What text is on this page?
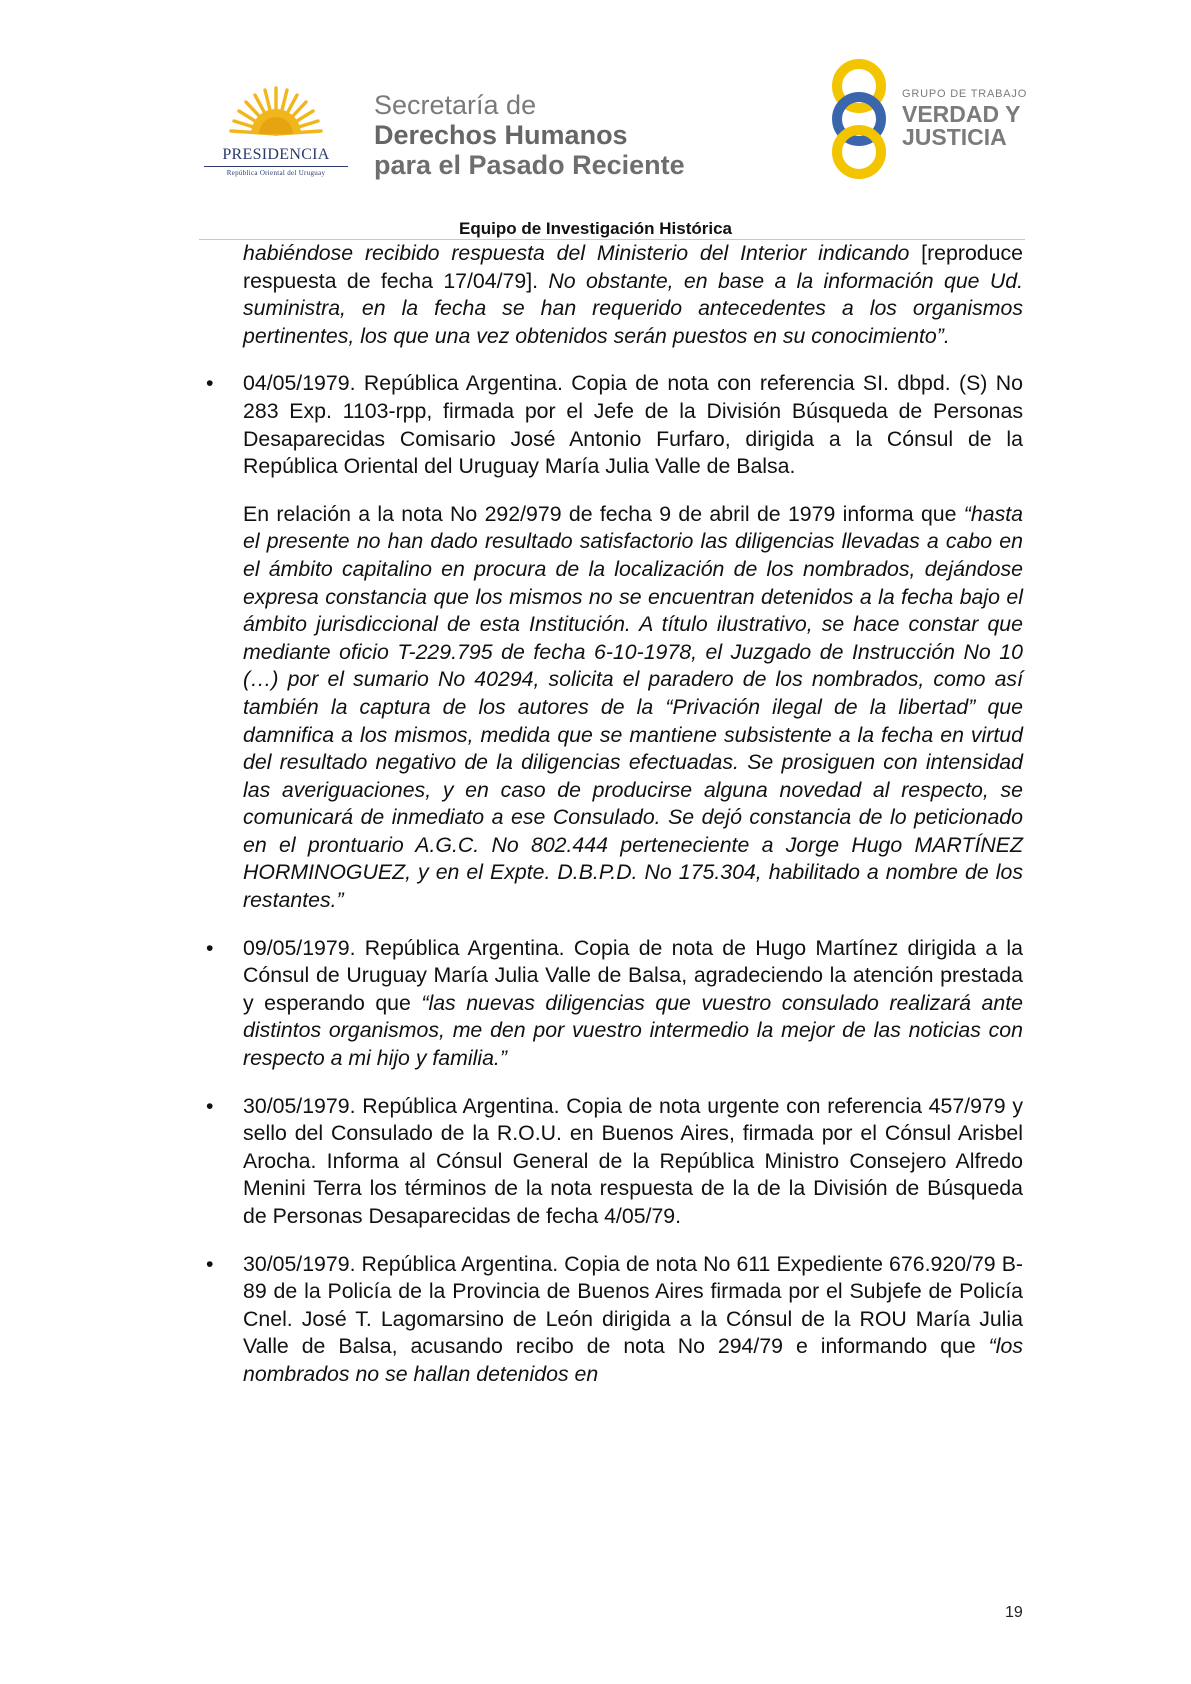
PRESIDENCIA
República Oriental del Uruguay
Secretaría de
Derechos Humanos
para el Pasado Reciente
GRUPO DE TRABAJO
VERDAD Y
JUSTICIA
Equipo de Investigación Histórica

habiéndose recibido respuesta del Ministerio del Interior indicando [reproduce respuesta de fecha 17/04/79]. No obstante, en base a la información que Ud. suministra, en la fecha se han requerido antecedentes a los organismos pertinentes, los que una vez obtenidos serán puestos en su conocimiento”.

• 04/05/1979. República Argentina. Copia de nota con referencia SI. dbpd. (S) No 283 Exp. 1103-rpp, firmada por el Jefe de la División Búsqueda de Personas Desaparecidas Comisario José Antonio Furfaro, dirigida a la Cónsul de la República Oriental del Uruguay María Julia Valle de Balsa.

En relación a la nota No 292/979 de fecha 9 de abril de 1979 informa que “hasta el presente no han dado resultado satisfactorio las diligencias llevadas a cabo en el ámbito capitalino en procura de la localización de los nombrados, dejándose expresa constancia que los mismos no se encuentran detenidos a la fecha bajo el ámbito jurisdiccional de esta Institución. A título ilustrativo, se hace constar que mediante oficio T-229.795 de fecha 6-10-1978, el Juzgado de Instrucción No 10 (…) por el sumario No 40294, solicita el paradero de los nombrados, como así también la captura de los autores de la “Privación ilegal de la libertad” que damnifica a los mismos, medida que se mantiene subsistente a la fecha en virtud del resultado negativo de la diligencias efectuadas. Se prosiguen con intensidad las averiguaciones, y en caso de producirse alguna novedad al respecto, se comunicará de inmediato a ese Consulado. Se dejó constancia de lo peticionado en el prontuario A.G.C. No 802.444 perteneciente a Jorge Hugo MARTÍNEZ HORMINOGUEZ, y en el Expte. D.B.P.D. No 175.304, habilitado a nombre de los restantes.”

• 09/05/1979. República Argentina. Copia de nota de Hugo Martínez dirigida a la Cónsul de Uruguay María Julia Valle de Balsa, agradeciendo la atención prestada y esperando que “las nuevas diligencias que vuestro consulado realizará ante distintos organismos, me den por vuestro intermedio la mejor de las noticias con respecto a mi hijo y familia.”
• 30/05/1979. República Argentina. Copia de nota urgente con referencia 457/979 y sello del Consulado de la R.O.U. en Buenos Aires, firmada por el Cónsul Arisbel Arocha. Informa al Cónsul General de la República Ministro Consejero Alfredo Menini Terra los términos de la nota respuesta de la de la División de Búsqueda de Personas Desaparecidas de fecha 4/05/79.
• 30/05/1979. República Argentina. Copia de nota No 611 Expediente 676.920/79 B-89 de la Policía de la Provincia de Buenos Aires firmada por el Subjefe de Policía Cnel. José T. Lagomarsino de León dirigida a la Cónsul de la ROU María Julia Valle de Balsa, acusando recibo de nota No 294/79 e informando que “los nombrados no se hallan detenidos en
19
